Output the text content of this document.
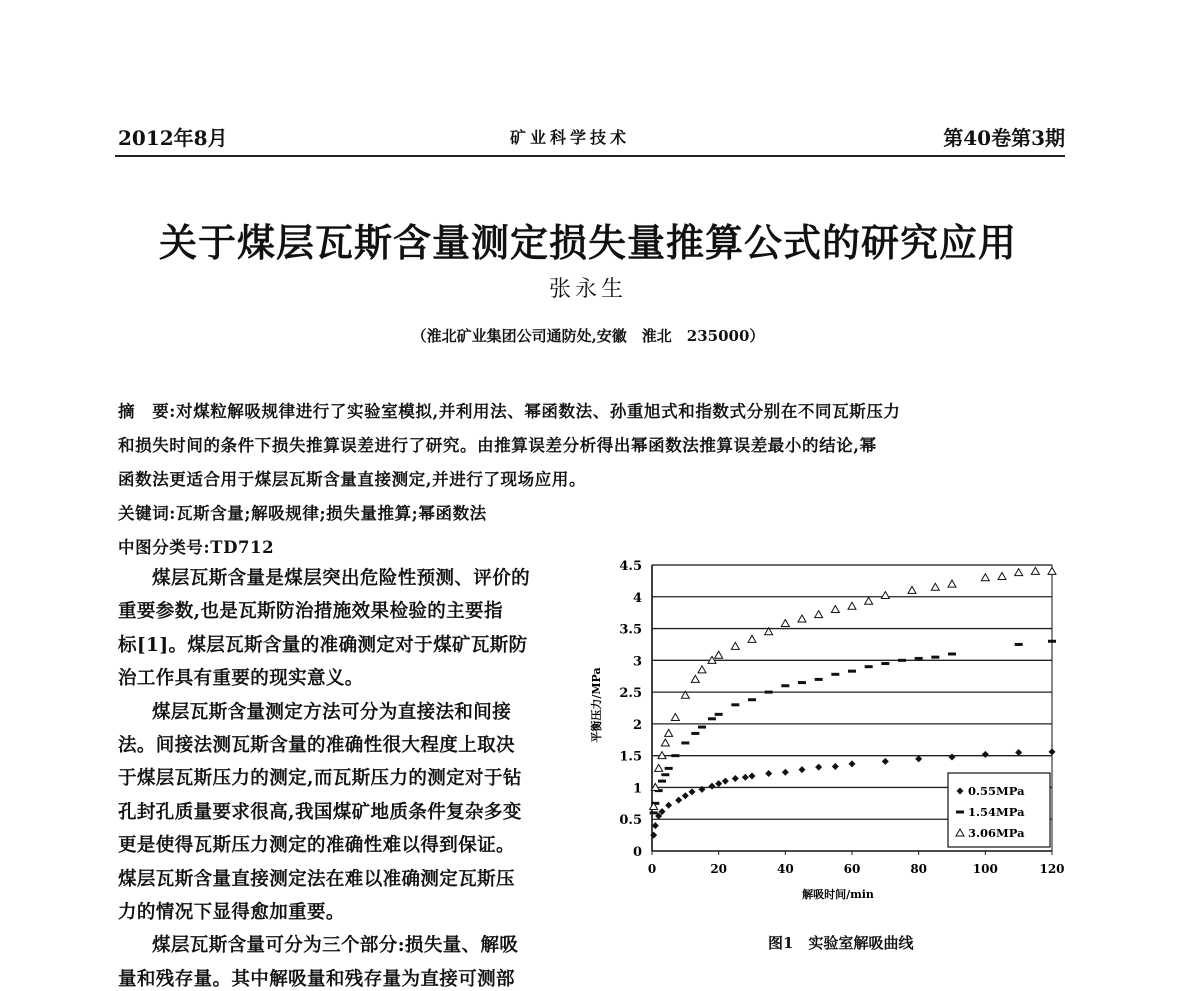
2012年8月	矿业科学技术	第40卷第3期
关于煤层瓦斯含量测定损失量推算公式的研究应用
张永生
（淮北矿业集团公司通防处,安徽　淮北　235000）
摘　要:对煤粒解吸规律进行了实验室模拟,并利用法、幂函数法、孙重旭式和指数式分别在不同瓦斯压力
和损失时间的条件下损失推算误差进行了研究。由推算误差分析得出幂函数法推算误差最小的结论,幂
函数法更适合用于煤层瓦斯含量直接测定,并进行了现场应用。
关键词:瓦斯含量;解吸规律;损失量推算;幂函数法
中图分类号:TD712
煤层瓦斯含量是煤层突出危险性预测、评价的
重要参数,也是瓦斯防治措施效果检验的主要指
标[1]。煤层瓦斯含量的准确测定对于煤矿瓦斯防
治工作具有重要的现实意义。
煤层瓦斯含量测定方法可分为直接法和间接
法。间接法测瓦斯含量的准确性很大程度上取决
于煤层瓦斯压力的测定,而瓦斯压力的测定对于钻
孔封孔质量要求很高,我国煤矿地质条件复杂多变
更是使得瓦斯压力测定的准确性难以得到保证。
煤层瓦斯含量直接测定法在难以准确测定瓦斯压
力的情况下显得愈加重要。
煤层瓦斯含量可分为三个部分:损失量、解吸
量和残存量。其中解吸量和残存量为直接可测部
0
0.5
1
1.5
2
2.5
3
3.5
4
4.5
0	20	40	60	80	100	120
解吸时间/min
平衡压力/MPa
0.55MPa
1.54MPa
3.06MPa
图1　实验室解吸曲线
